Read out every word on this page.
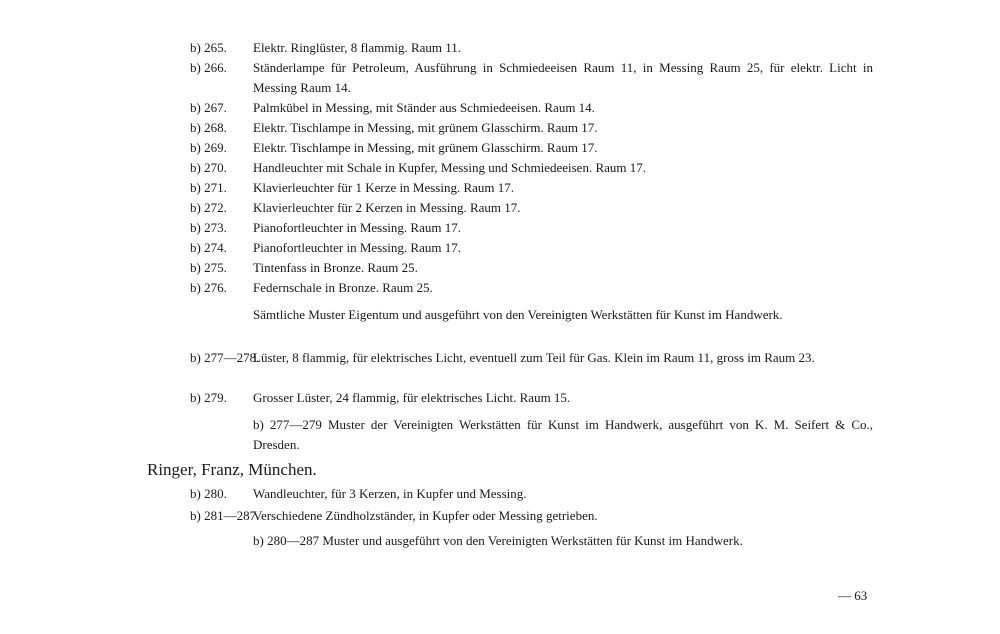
b) 265. Elektr. Ringlüster, 8 flammig. Raum 11.
b) 266. Ständerlampe für Petroleum, Ausführung in Schmiedeeisen Raum 11, in Messing Raum 25, für elektr. Licht in Messing Raum 14.
b) 267. Palmkübel in Messing, mit Ständer aus Schmiedeeisen. Raum 14.
b) 268. Elektr. Tischlampe in Messing, mit grünem Glasschirm. Raum 17.
b) 269. Elektr. Tischlampe in Messing, mit grünem Glasschirm. Raum 17.
b) 270. Handleuchter mit Schale in Kupfer, Messing und Schmiedeeisen. Raum 17.
b) 271. Klavierleuchter für 1 Kerze in Messing. Raum 17.
b) 272. Klavierleuchter für 2 Kerzen in Messing. Raum 17.
b) 273. Pianofortleuchter in Messing. Raum 17.
b) 274. Pianofortleuchter in Messing. Raum 17.
b) 275. Tintenfass in Bronze. Raum 25.
b) 276. Federnschale in Bronze. Raum 25.
Sämtliche Muster Eigentum und ausgeführt von den Vereinigten Werkstätten für Kunst im Handwerk.
b) 277—278.
Lüster, 8 flammig, für elektrisches Licht, eventuell zum Teil für Gas. Klein im Raum 11, gross im Raum 23.
b) 279. Grosser Lüster, 24 flammig, für elektrisches Licht. Raum 15.
b) 277—279 Muster der Vereinigten Werkstätten für Kunst im Handwerk, ausgeführt von K. M. Seifert & Co., Dresden.
Ringer, Franz, München.
b) 280. Wandleuchter, für 3 Kerzen, in Kupfer und Messing.
b) 281—287.
Verschiedene Zündholzständer, in Kupfer oder Messing getrieben.
b) 280—287 Muster und ausgeführt von den Vereinigten Werkstätten für Kunst im Handwerk.
— 63
